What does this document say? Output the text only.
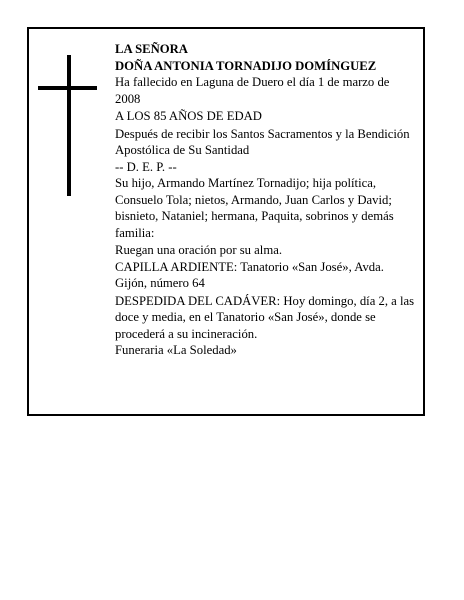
LA SEÑORA

DOÑA ANTONIA TORNADIJO DOMÍNGUEZ

Ha fallecido en Laguna de Duero el día 1 de marzo de 2008

A LOS 85 AÑOS DE EDAD

Después de recibir los Santos Sacramentos y la Bendición Apostólica de Su Santidad

-- D. E. P. --

Su hijo, Armando Martínez Tornadijo; hija política, Consuelo Tola; nietos, Armando, Juan Carlos y David; bisnieto, Nataniel; hermana, Paquita, sobrinos y demás familia:

Ruegan una oración por su alma.

CAPILLA ARDIENTE: Tanatorio «San José», Avda. Gijón, número 64

DESPEDIDA DEL CADÁVER: Hoy domingo, día 2, a las doce y media, en el Tanatorio «San José», donde se procederá a su incineración.

Funeraria «La Soledad»
